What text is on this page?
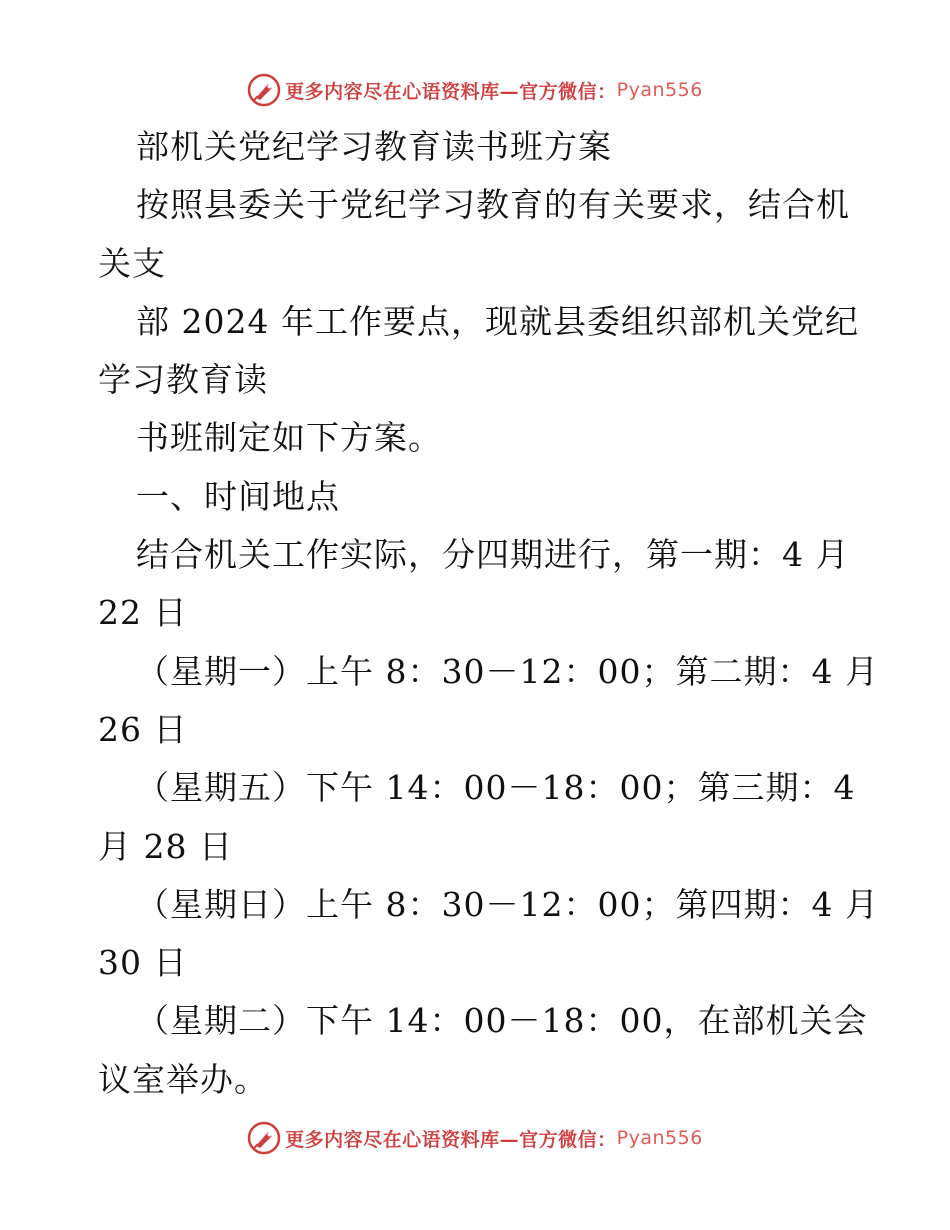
更多内容尽在心语资料库—官方微信： Pyan556
部机关党纪学习教育读书班方案
按照县委关于党纪学习教育的有关要求，结合机
关支
部 2024 年工作要点，现就县委组织部机关党纪
学习教育读
书班制定如下方案。
一、时间地点
结合机关工作实际，分四期进行，第一期：4 月
22 日
（星期一）上午 8：30－12：00；第二期：4 月
26 日
（星期五）下午 14：00－18：00；第三期：4
月 28 日
（星期日）上午 8：30－12：00；第四期：4 月
30 日
（星期二）下午 14：00－18：00，在部机关会
议室举办。
更多内容尽在心语资料库—官方微信： Pyan556
